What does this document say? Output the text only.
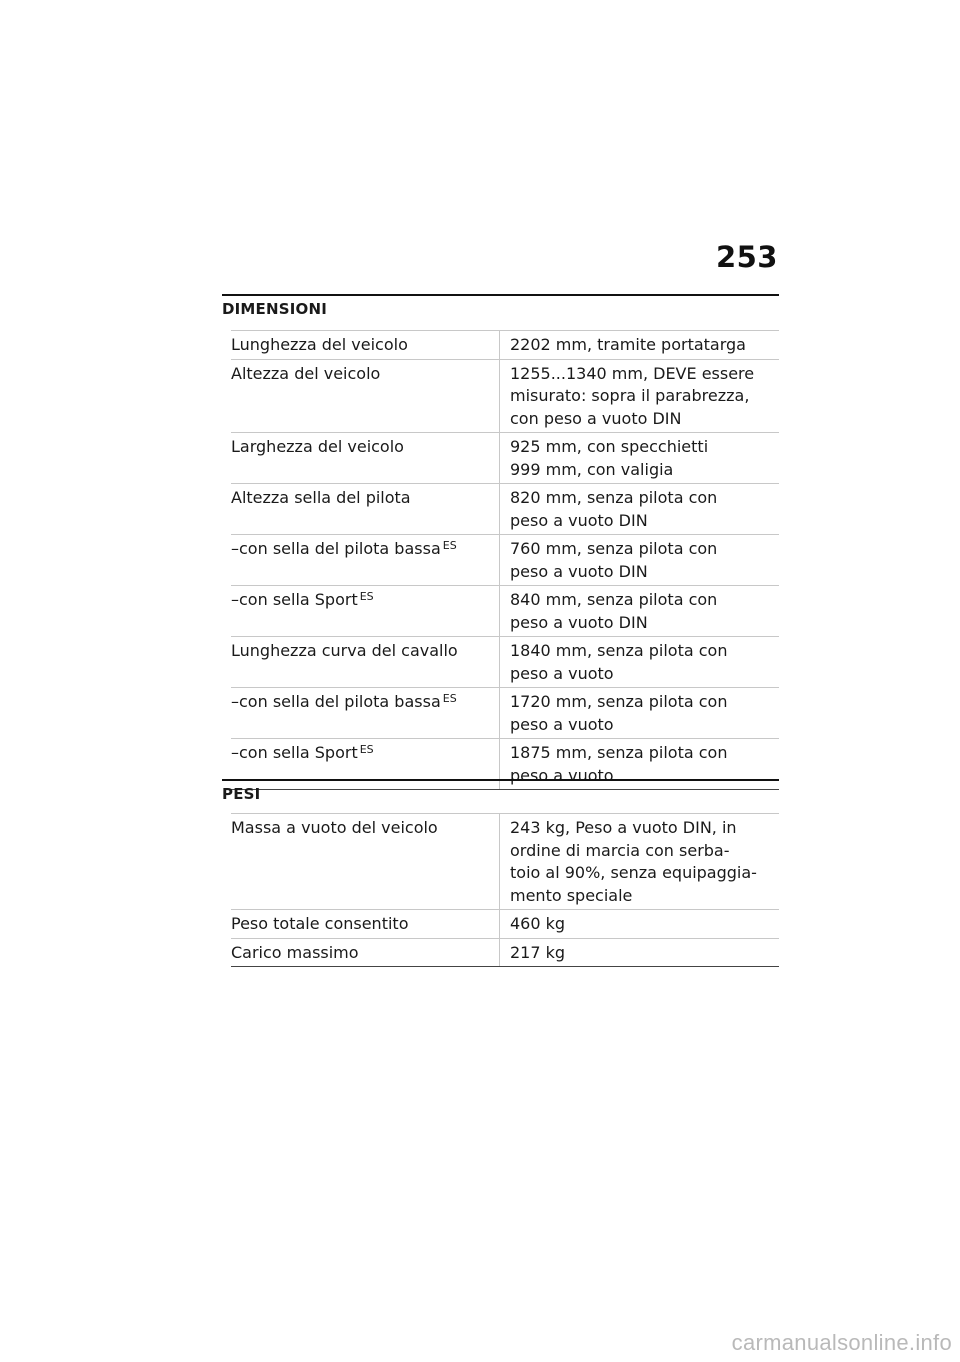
253
DIMENSIONI
Lunghezza del veicolo	2202 mm, tramite portatarga
Altezza del veicolo	1255...1340 mm, DEVE essere
misurato: sopra il parabrezza,
con peso a vuoto DIN
Larghezza del veicolo	925 mm, con specchietti
999 mm, con valigia
Altezza sella del pilota	820 mm, senza pilota con
peso a vuoto DIN
–con sella del pilota bassa $^{ES}$	760 mm, senza pilota con
peso a vuoto DIN
–con sella Sport $^{ES}$	840 mm, senza pilota con
peso a vuoto DIN
Lunghezza curva del cavallo	1840 mm, senza pilota con
peso a vuoto
–con sella del pilota bassa $^{ES}$	1720 mm, senza pilota con
peso a vuoto
–con sella Sport $^{ES}$	1875 mm, senza pilota con
peso a vuoto
PESI
Massa a vuoto del veicolo	243 kg, Peso a vuoto DIN, in
ordine di marcia con serba-
toio al 90%, senza equipaggia-
mento speciale
Peso totale consentito	460 kg
Carico massimo	217 kg
carmanualsonline.info
